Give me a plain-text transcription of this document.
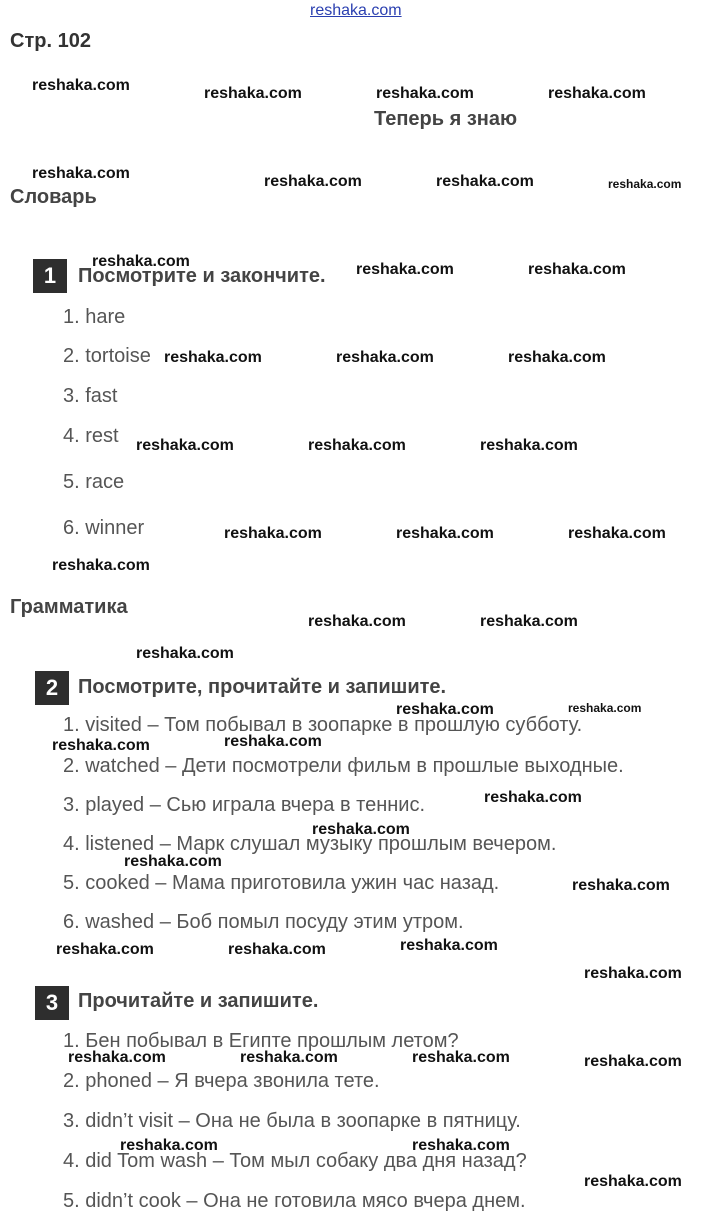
reshaka.com
Стр. 102
Теперь я знаю
Словарь
1	Посмотрите и закончите.
1. hare
2. tortoise
3. fast
4. rest
5. race
6. winner
Грамматика
2 Посмотрите, прочитайте и запишите.
1. visited – Том побывал в зоопарке в прошлую субботу.
2. watched – Дети посмотрели фильм в прошлые выходные.
3. played – Сью играла вчера в теннис.
4. listened – Марк слушал музыку прошлым вечером.
5. cooked – Мама приготовила ужин час назад.
6. washed – Боб помыл посуду этим утром.
3 Прочитайте и запишите.
1. Бен побывал в Египте прошлым летом?
2. phoned – Я вчера звонила тете.
3. didn’t visit – Она не была в зоопарке в пятницу.
4. did Tom wash – Том мыл собаку два дня назад?
5. didn’t cook – Она не готовила мясо вчера днем.
reshaka.com	reshaka.com	reshaka.com	reshaka.com
reshaka.com	reshaka.com	reshaka.com	reshaka.com
reshaka.com	reshaka.com	reshaka.com
reshaka.com	reshaka.com	reshaka.com
reshaka.com	reshaka.com	reshaka.com
reshaka.com	reshaka.com	reshaka.com
reshaka.com
reshaka.com	reshaka.com
reshaka.com
reshaka.com	reshaka.com
reshaka.com	reshaka.com
reshaka.com
reshaka.com
reshaka.com
reshaka.com
reshaka.com	reshaka.com	reshaka.com
reshaka.com
reshaka.com	reshaka.com	reshaka.com	reshaka.com
reshaka.com	reshaka.com
reshaka.com
